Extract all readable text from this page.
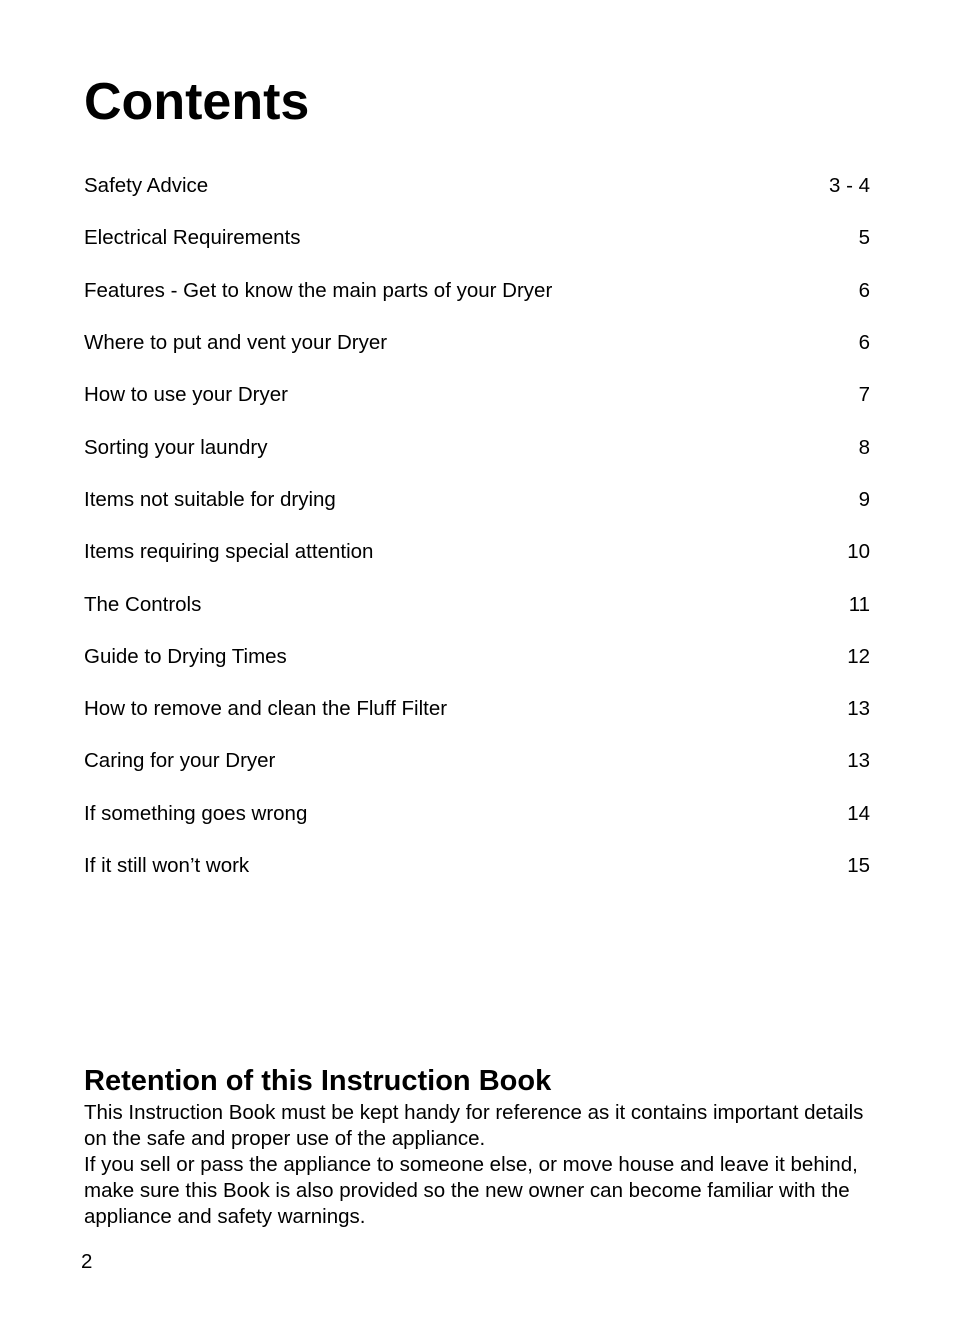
Contents
Safety Advice	3 - 4
Electrical Requirements	5
Features - Get to know the main parts of your Dryer	6
Where to put and vent your Dryer	6
How to use your Dryer	7
Sorting your laundry	8
Items not suitable for drying	9
Items requiring special attention	10
The Controls	11
Guide to Drying Times	12
How to remove and clean the Fluff Filter	13
Caring for your Dryer	13
If something goes wrong	14
If it still won’t work	15
Retention of this Instruction Book

This Instruction Book must be kept handy for reference as it contains important details on the safe and proper use of the appliance.

If you sell or pass the appliance to someone else, or move house and leave it behind, make sure this Book is also provided so the new owner can become familiar with the appliance and safety warnings.

2
